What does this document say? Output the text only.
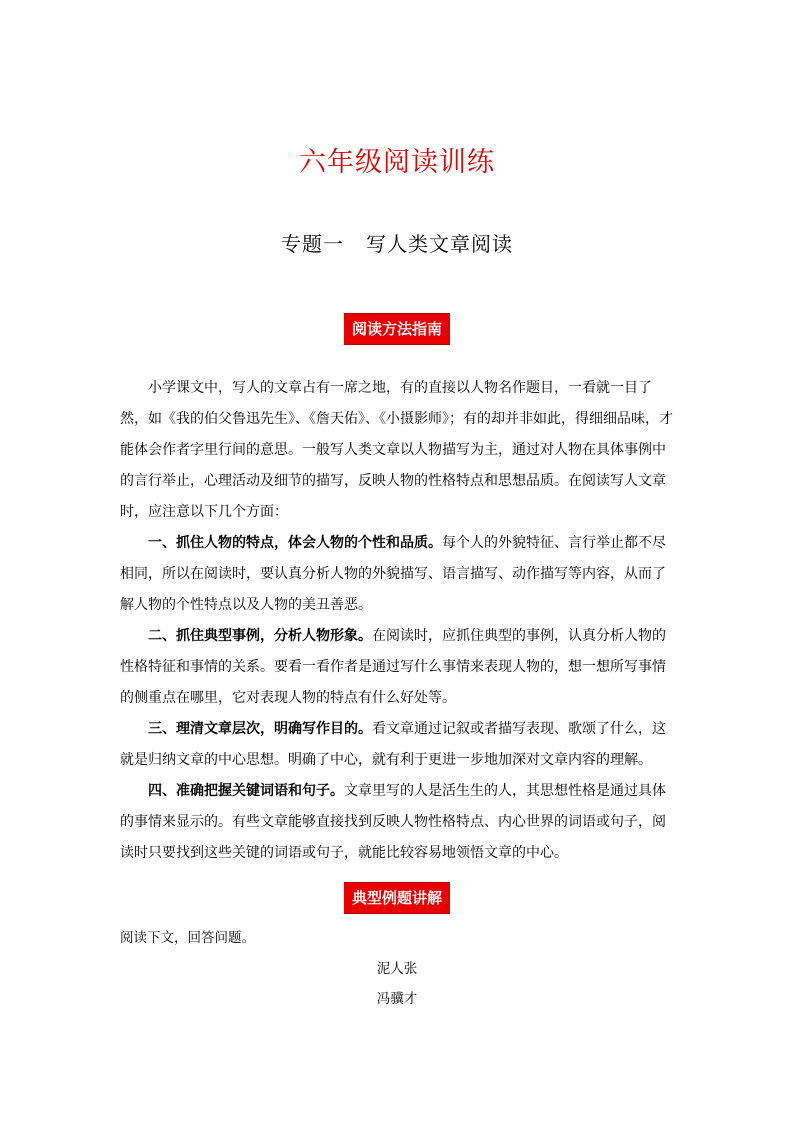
六年级阅读训练
专题一 写人类文章阅读
阅读方法指南

小学课文中，写人的文章占有一席之地，有的直接以人物名作题目，一看就一目了然，如《我的伯父鲁迅先生》、《詹天佑》、《小摄影师》；有的却并非如此，得细细品味，才能体会作者字里行间的意思。一般写人类文章以人物描写为主，通过对人物在具体事例中的言行举止，心理活动及细节的描写，反映人物的性格特点和思想品质。在阅读写人文章时，应注意以下几个方面：

一、抓住人物的特点，体会人物的个性和品质。每个人的外貌特征、言行举止都不尽相同，所以在阅读时，要认真分析人物的外貌描写、语言描写、动作描写等内容，从而了解人物的个性特点以及人物的美丑善恶。

二、抓住典型事例，分析人物形象。在阅读时，应抓住典型的事例，认真分析人物的性格特征和事情的关系。要看一看作者是通过写什么事情来表现人物的，想一想所写事情的侧重点在哪里，它对表现人物的特点有什么好处等。

三、理清文章层次，明确写作目的。看文章通过记叙或者描写表现、歌颂了什么，这就是归纳文章的中心思想。明确了中心，就有利于更进一步地加深对文章内容的理解。

四、准确把握关键词语和句子。文章里写的人是活生生的人，其思想性格是通过具体的事情来显示的。有些文章能够直接找到反映人物性格特点、内心世界的词语或句子，阅读时只要找到这些关键的词语或句子，就能比较容易地领悟文章的中心。

典型例题讲解
阅读下文，回答问题。
泥人张
冯骥才
